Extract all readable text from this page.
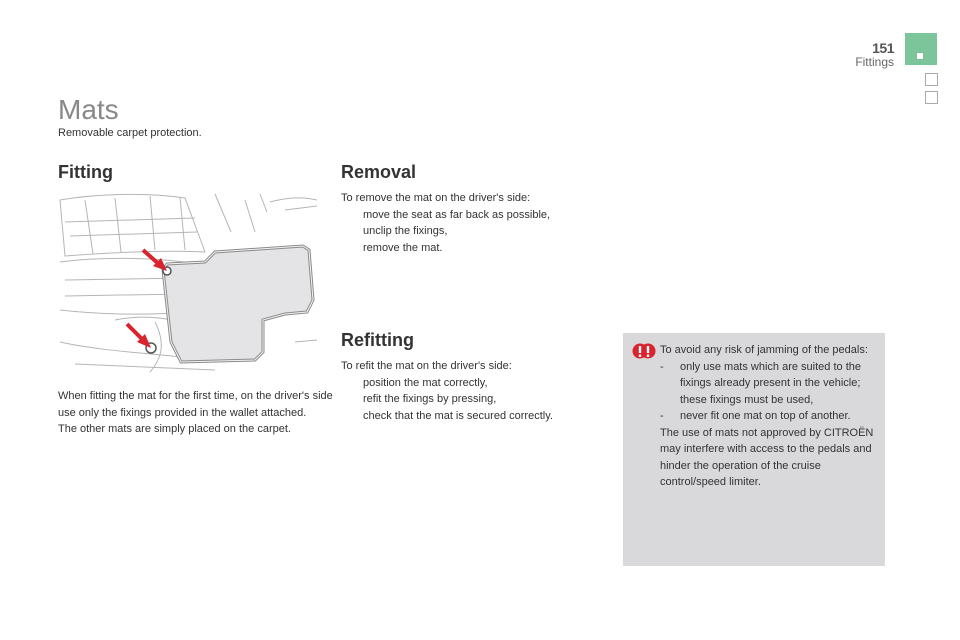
151
Fittings
Mats
Removable carpet protection.
Fitting	Removal
Refitting
When fitting the mat for the first time, on the driver's side use only the fixings provided in the wallet attached.
The other mats are simply placed on the carpet.
To remove the mat on the driver's side:
move the seat as far back as possible,
unclip the fixings,
remove the mat.
To refit the mat on the driver's side:
position the mat correctly,
refit the fixings by pressing,
check that the mat is secured correctly.
To avoid any risk of jamming of the pedals:
- only use mats which are suited to the fixings already present in the vehicle; these fixings must be used,
- never fit one mat on top of another.
The use of mats not approved by CITROËN may interfere with access to the pedals and hinder the operation of the cruise control/speed limiter.
